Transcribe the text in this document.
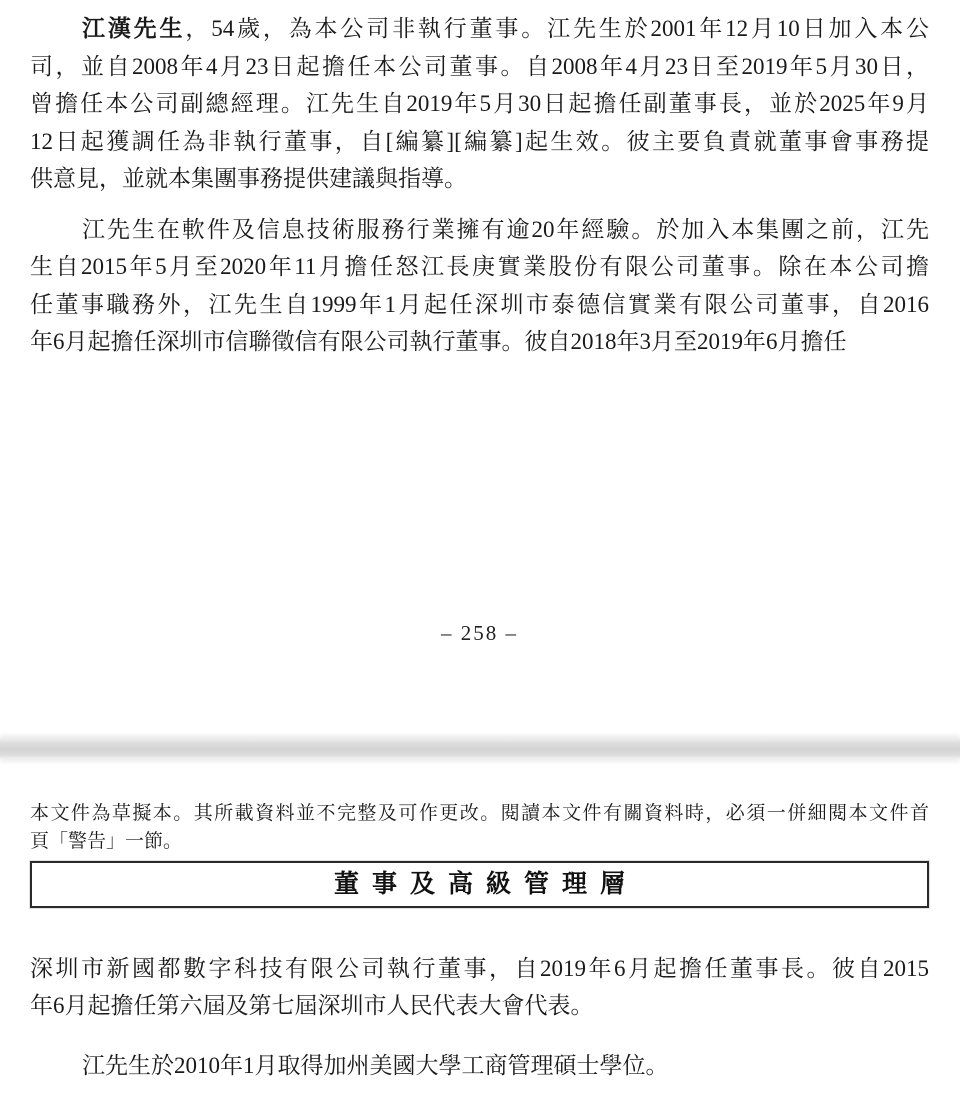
江漢先生，54歲，為本公司非執行董事。江先生於2001年12月10日加入本公
司，並自2008年4月23日起擔任本公司董事。自2008年4月23日至2019年5月30日，
曾擔任本公司副總經理。江先生自2019年5月30日起擔任副董事長，並於2025年9月
12日起獲調任為非執行董事，自[編纂][編纂]起生效。彼主要負責就董事會事務提
供意見，並就本集團事務提供建議與指導。
江先生在軟件及信息技術服務行業擁有逾20年經驗。於加入本集團之前，江先
生自2015年5月至2020年11月擔任怒江長庚實業股份有限公司董事。除在本公司擔
任董事職務外，江先生自1999年1月起任深圳市泰德信實業有限公司董事，自2016
年6月起擔任深圳市信聯徵信有限公司執行董事。彼自2018年3月至2019年6月擔任
– 258 –
本文件為草擬本。其所載資料並不完整及可作更改。閱讀本文件有關資料時，必須一併細閱本文件首
頁「警告」一節。
董事及高級管理層
深圳市新國都數字科技有限公司執行董事，自2019年6月起擔任董事長。彼自2015
年6月起擔任第六屆及第七屆深圳市人民代表大會代表。
江先生於2010年1月取得加州美國大學工商管理碩士學位。
